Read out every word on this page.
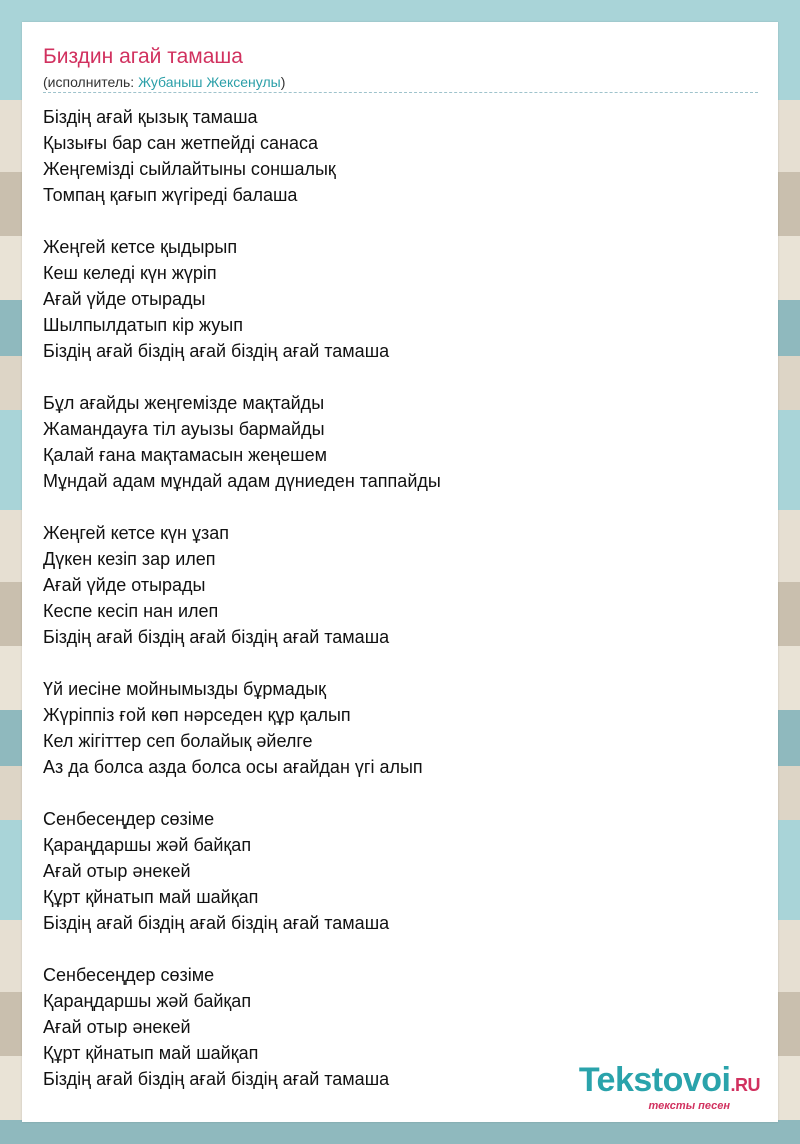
Биздин агай тамаша
(исполнитель: Жубаныш Жексенулы)
Біздің ағай қызық тамаша
Қызығы бар сан жетпейді санаса
Жеңгемізді сыйлайтыны соншалық
Томпаң қағып жүгіреді балаша
Жеңгей кетсе қыдырып
Кеш келеді күн жүріп
Ағай үйде отырады
Шылпылдатып кір жуып
Біздің ағай біздің ағай біздің ағай тамаша
Бұл ағайды жеңгемізде мақтайды
Жамандауға тіл ауызы бармайды
Қалай ғана мақтамасын жеңешем
Мұндай адам мұндай адам дүниеден таппайды
Жеңгей кетсе күн ұзап
Дүкен кезіп зар илеп
Ағай үйде отырады
Кеспе кесіп нан илеп
Біздің ағай біздің ағай біздің ағай тамаша
Үй иесіне мойнымызды бұрмадық
Жүріппіз ғой көп нәрседен құр қалып
Кел жігіттер сеп болайық әйелге
Аз да болса азда болса осы ағайдан үгі алып
Сенбесеңдер сөзіме
Қараңдаршы жәй байқап
Ағай отыр әнекей
Құрт қйнатып май шайқап
Біздің ағай біздің ағай біздің ағай тамаша
Сенбесеңдер сөзіме
Қараңдаршы жәй байқап
Ағай отыр әнекей
Құрт қйнатып май шайқап
Біздің ағай біздің ағай біздің ағай тамаша	Tekstovoi.RU
тексты песен
